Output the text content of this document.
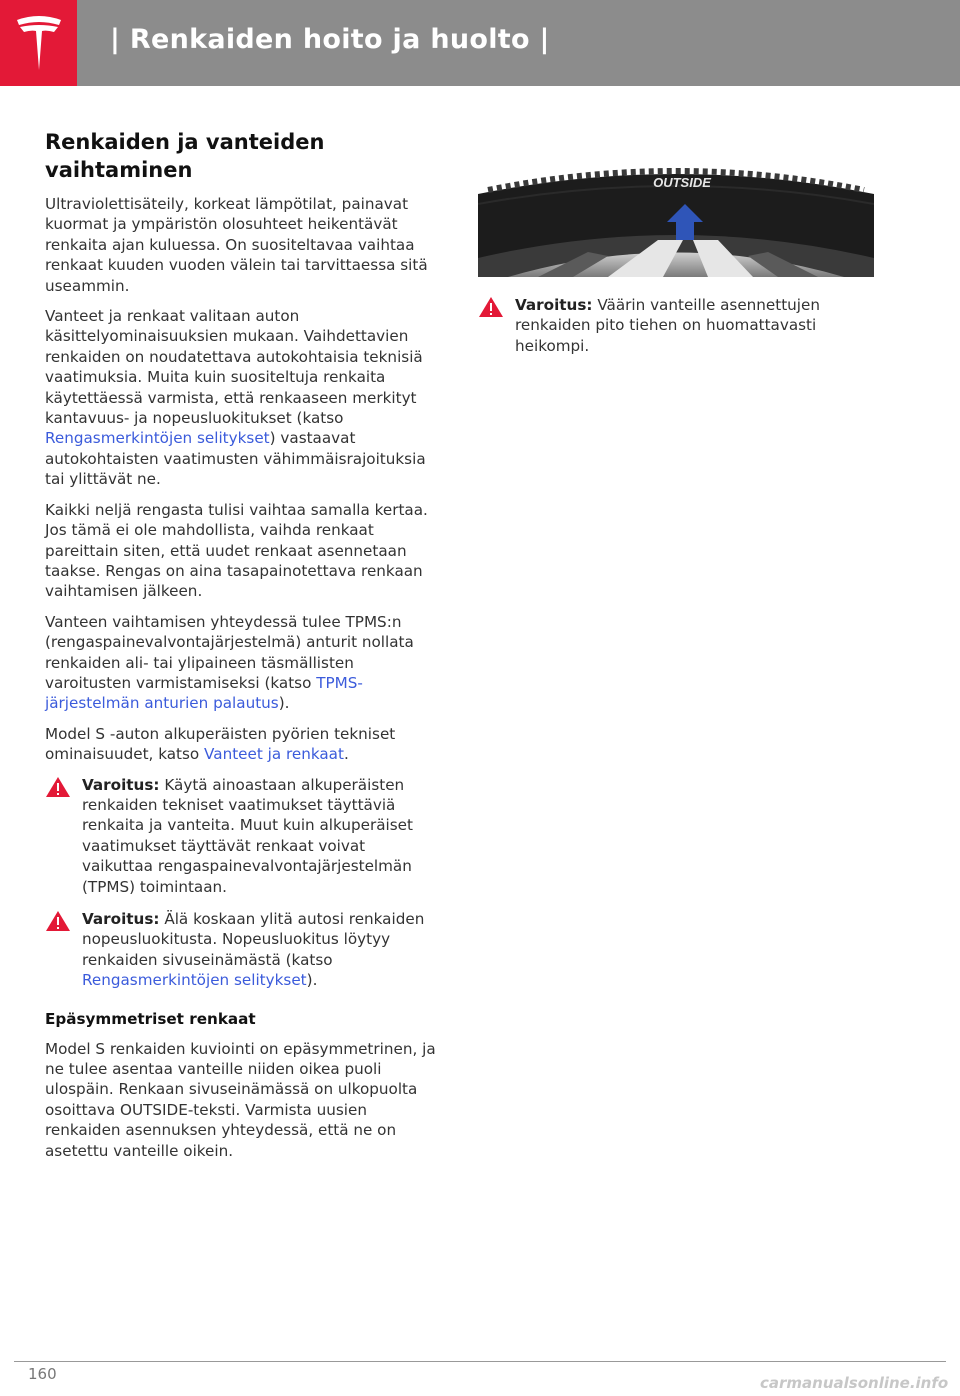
| Renkaiden hoito ja huolto |
Renkaiden ja vanteiden vaihtaminen

Ultraviolettisäteily, korkeat lämpötilat, painavat kuormat ja ympäristön olosuhteet heikentävät renkaita ajan kuluessa. On suositeltavaa vaihtaa renkaat kuuden vuoden välein tai tarvittaessa sitä useammin.

Vanteet ja renkaat valitaan auton käsittelyominaisuuksien mukaan. Vaihdettavien renkaiden on noudatettava autokohtaisia teknisiä vaatimuksia. Muita kuin suositeltuja renkaita käytettäessä varmista, että renkaaseen merkityt kantavuus- ja nopeusluokitukset (katso Rengasmerkintöjen selitykset) vastaavat autokohtaisten vaatimusten vähimmäisrajoituksia tai ylittävät ne.

Kaikki neljä rengasta tulisi vaihtaa samalla kertaa. Jos tämä ei ole mahdollista, vaihda renkaat pareittain siten, että uudet renkaat asennetaan taakse. Rengas on aina tasapainotettava renkaan vaihtamisen jälkeen.

Vanteen vaihtamisen yhteydessä tulee TPMS:n (rengaspainevalvontajärjestelmä) anturit nollata renkaiden ali- tai ylipaineen täsmällisten varoitusten varmistamiseksi (katso TPMS-järjestelmän anturien palautus).

Model S -auton alkuperäisten pyörien tekniset ominaisuudet, katso Vanteet ja renkaat.

Varoitus: Käytä ainoastaan alkuperäisten renkaiden tekniset vaatimukset täyttäviä renkaita ja vanteita. Muut kuin alkuperäiset vaatimukset täyttävät renkaat voivat vaikuttaa rengaspainevalvontajärjestelmän (TPMS) toimintaan.

Varoitus: Älä koskaan ylitä autosi renkaiden nopeusluokitusta. Nopeusluokitus löytyy renkaiden sivuseinämästä (katso Rengasmerkintöjen selitykset).

Epäsymmetriset renkaat

Model S renkaiden kuviointi on epäsymmetrinen, ja ne tulee asentaa vanteille niiden oikea puoli ulospäin. Renkaan sivuseinämässä on ulkopuolta osoittava OUTSIDE-teksti. Varmista uusien renkaiden asennuksen yhteydessä, että ne on asetettu vanteille oikein.

OUTSIDE

Varoitus: Väärin vanteille asennettujen renkaiden pito tiehen on huomattavasti heikompi.

160	carmanualsonline.info
